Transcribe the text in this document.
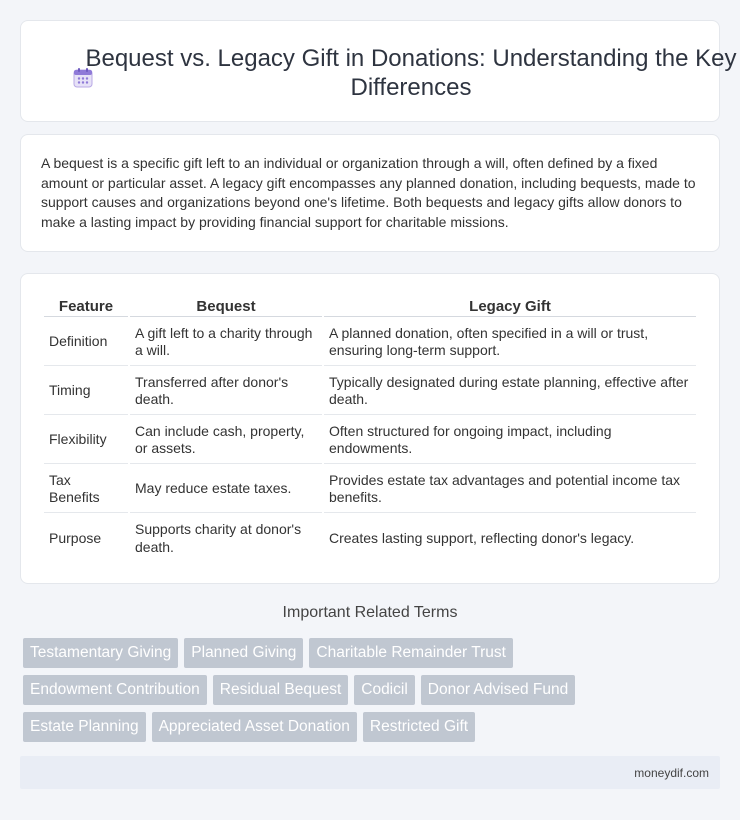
Bequest vs. Legacy Gift in Donations: Understanding the Key Differences

A bequest is a specific gift left to an individual or organization through a will, often defined by a fixed amount or particular asset. A legacy gift encompasses any planned donation, including bequests, made to support causes and organizations beyond one's lifetime. Both bequests and legacy gifts allow donors to make a lasting impact by providing financial support for charitable missions.

Feature	Bequest	Legacy Gift
Definition	A gift left to a charity through a will.	A planned donation, often specified in a will or trust, ensuring long-term support.
Timing	Transferred after donor's death.	Typically designated during estate planning, effective after death.
Flexibility	Can include cash, property, or assets.	Often structured for ongoing impact, including endowments.
Tax Benefits	May reduce estate taxes.	Provides estate tax advantages and potential income tax benefits.
Purpose	Supports charity at donor's death.	Creates lasting support, reflecting donor's legacy.
Important Related Terms
Testamentary Giving	Planned Giving	Charitable Remainder Trust
Endowment Contribution	Residual Bequest	Codicil	Donor Advised Fund
Estate Planning	Appreciated Asset Donation	Restricted Gift
moneydif.com
